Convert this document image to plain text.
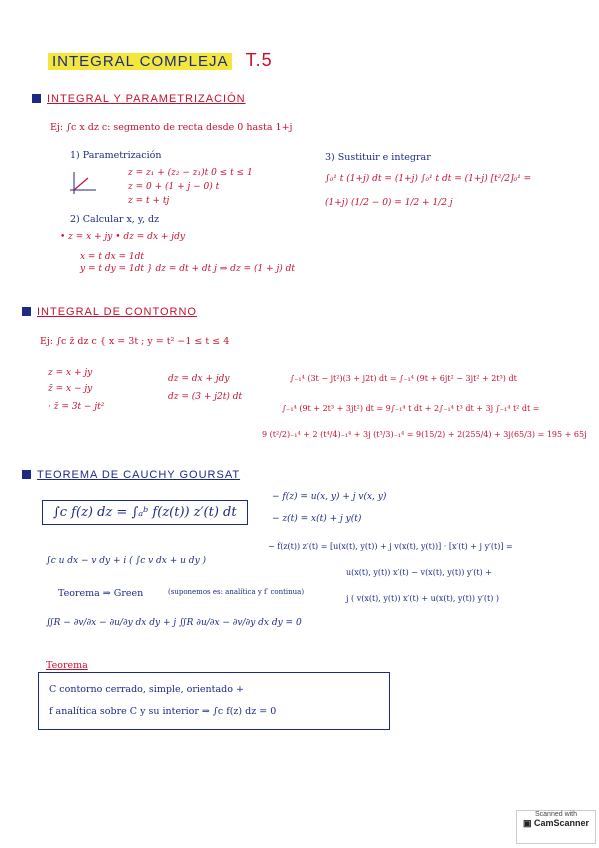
INTEGRAL COMPLEJA T.5
INTEGRAL Y PARAMETRIZACIÓN
Ej: ∫c x dz c: segmento de recta desde 0 hasta 1+j
1) Parametrización
z = z₁ + (z₂ − z₁)t 0 ≤ t ≤ 1
z = 0 + (1 + j − 0) t
z = t + tj
2) Calcular x, y, dz
• z = x + jy • dz = dx + jdy
x = t dx = 1dt
y = t dy = 1dt } dz = dt + dt j ⇒ dz = (1 + j) dt
3) Sustituir e integrar
∫₀¹ t (1+j) dt = (1+j) ∫₀¹ t dt = (1+j) [t²/2]₀¹ =
(1+j) (1/2 − 0) = 1/2 + 1/2 j
INTEGRAL DE CONTORNO
Ej: ∫c z̄ dz c { x = 3t ; y = t² −1 ≤ t ≤ 4
z = x + jy
z̄ = x − jy
· z̄ = 3t − jt²
dz = dx + jdy
dz = (3 + j2t) dt
∫₋₁⁴ (3t − jt²)(3 + j2t) dt = ∫₋₁⁴ (9t + 6jt² − 3jt² + 2t³) dt
∫₋₁⁴ (9t + 2t³ + 3jt²) dt = 9∫₋₁⁴ t dt + 2∫₋₁⁴ t³ dt + 3j ∫₋₁⁴ t² dt =
9 (t²/2)₋₁⁴ + 2 (t⁴/4)₋₁⁴ + 3j (t³/3)₋₁⁴ = 9(15/2) + 2(255/4) + 3j(65/3) = 195 + 65j
TEOREMA DE CAUCHY GOURSAT
∫c f(z) dz = ∫ₐᵇ f(z(t)) z′(t) dt
− f(z) = u(x, y) + j v(x, y)
− z(t) = x(t) + j y(t)
− f(z(t)) z′(t) = [u(x(t), y(t)) + j v(x(t), y(t))] · [x′(t) + j y′(t)] =
u(x(t), y(t)) x′(t) − v(x(t), y(t)) y′(t) +
j ( v(x(t), y(t)) x′(t) + u(x(t), y(t)) y′(t) )
∫c u dx − v dy + i ( ∫c v dx + u dy )
Teorema ⇒ Green	(suponemos es: analítica y f′ continua)
∬R − ∂v/∂x − ∂u/∂y dx dy + j ∬R ∂u/∂x − ∂v/∂y dx dy = 0
Teorema
C contorno cerrado, simple, orientado +
f analítica sobre C y su interior ⇒ ∫c f(z) dz = 0
Scanned with
▣ CamScanner
